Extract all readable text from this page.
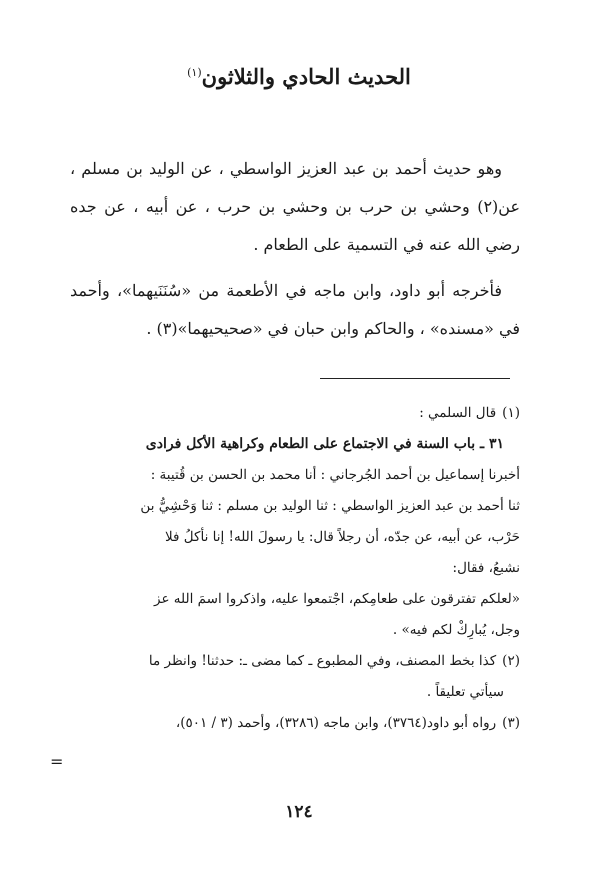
الحديث الحادي والثلاثون$^{(١)}$

وهو حديث أحمد بن عبد العزيز الواسطي ، عن الوليد بن مسلم ، عن(٢) وحشي بن حرب بن وحشي بن حرب ، عن أبيه ، عن جده رضي الله عنه في التسمية على الطعام .

فأخرجه أبو داود، وابن ماجه في الأطعمة من «سُنَنَيهما»، وأحمد في «مسنده» ، والحاكم وابن حبان في «صحيحيهما»(٣) .

(١)قال السلمي :
٣١ ـ باب السنة في الاجتماع على الطعام وكراهية الأكل فرادى
أخبرنا إسماعيل بن أحمد الجُرجاني : أنا محمد بن الحسن بن قُتيبة :
ثنا أحمد بن عبد العزيز الواسطي : ثنا الوليد بن مسلم : ثنا وَحْشِيُّ بن
حَرْب، عن أبيه، عن جدّه، أن رجلاً قال: يا رسولَ الله! إنا نأكلُ فلا
نشبعُ، فقال:
«لعلكم تفترقون على طعامِكم، اجْتمعوا عليه، واذكروا اسمَ الله عز
وجل، يُبارِكْ لكم فيه» .
(٢)كذا بخط المصنف، وفي المطبوع ـ كما مضى ـ: حدثنا! وانظر ما
سيأتي تعليقاً .
(٣)رواه أبو داود(٣٧٦٤)، وابن ماجه (٣٢٨٦)، وأحمد (٣ / ٥٠١)،
=
١٢٤
